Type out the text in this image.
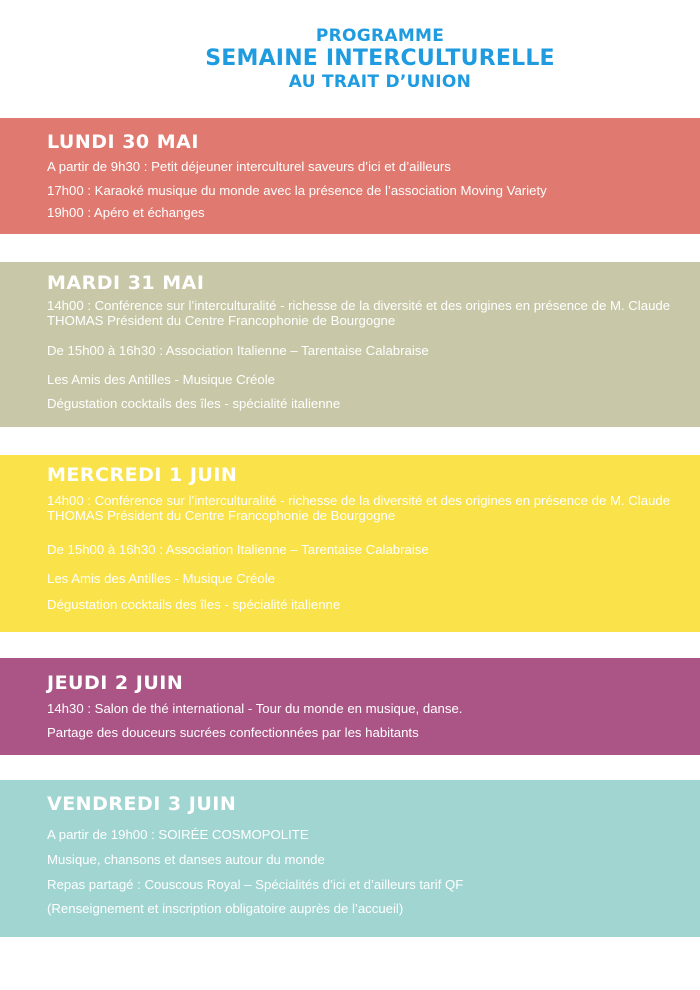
PROGRAMME
SEMAINE INTERCULTURELLE
AU TRAIT D’UNION
LUNDI 30 MAI

A partir de 9h30 : Petit déjeuner interculturel saveurs d’ici et d’ailleurs

17h00 : Karaoké musique du monde avec la présence de l’association Moving Variety

19h00 : Apéro et échanges

MARDI 31 MAI

14h00 : Conférence sur l’interculturalité - richesse de la diversité et des origines en présence de M. Claude THOMAS Président du Centre Francophonie de Bourgogne

De 15h00 à 16h30 : Association Italienne – Tarentaise Calabraise

Les Amis des Antilles - Musique Créole

Dégustation cocktails des îles - spécialité italienne

MERCREDI 1 JUIN

14h00 : Conférence sur l’interculturalité - richesse de la diversité et des origines en présence de M. Claude THOMAS Président du Centre Francophonie de Bourgogne

De 15h00 à 16h30 : Association Italienne – Tarentaise Calabraise

Les Amis des Antilles - Musique Créole

Dégustation cocktails des îles - spécialité italienne

JEUDI 2 JUIN

14h30 : Salon de thé international - Tour du monde en musique, danse.

Partage des douceurs sucrées confectionnées par les habitants

VENDREDI 3 JUIN

A partir de 19h00 : SOIRÉE COSMOPOLITE

Musique, chansons et danses autour du monde

Repas partagé : Couscous Royal – Spécialités d’ici et d’ailleurs tarif QF

(Renseignement et inscription obligatoire auprès de l’accueil)
